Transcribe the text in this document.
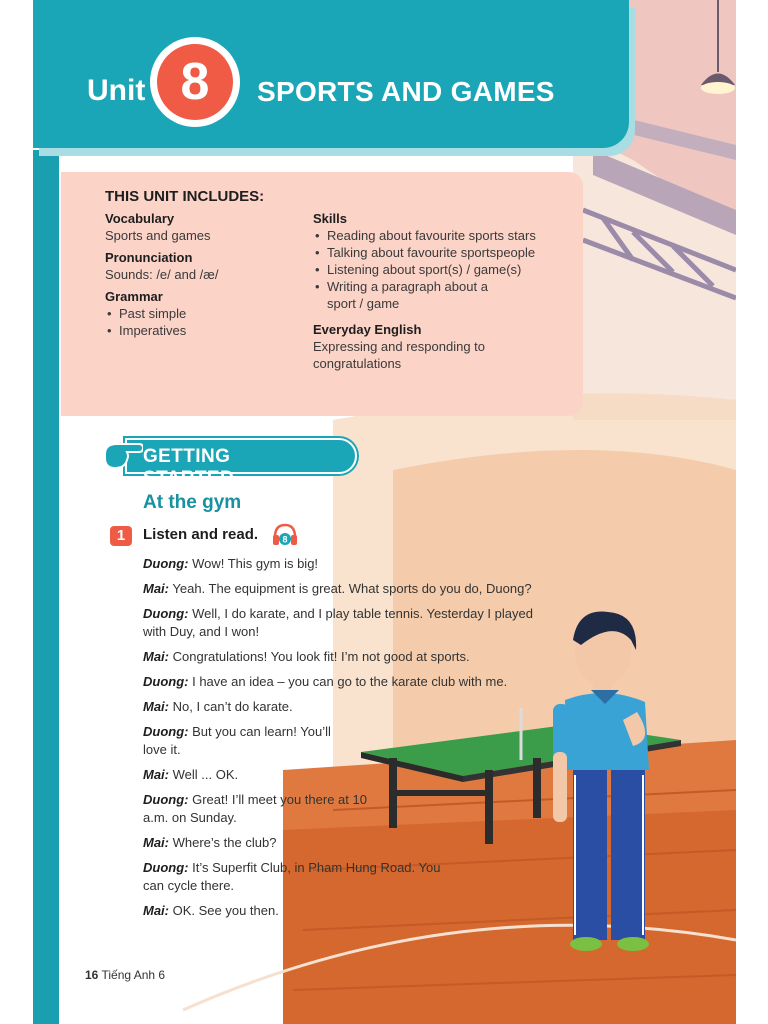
Unit 8	SPORTS AND GAMES
THIS UNIT INCLUDES:
Vocabulary
Sports and games
Pronunciation
Sounds: /e/ and /æ/
Grammar
• Past simple
• Imperatives
Skills
• Reading about favourite sports stars
• Talking about favourite sportspeople
• Listening about sport(s) / game(s)
• Writing a paragraph about a sport / game
Everyday English
Expressing and responding to congratulations
GETTING STARTED
At the gym
1	Listen and read.	8
Duong: Wow! This gym is big!
Mai: Yeah. The equipment is great. What sports do you do, Duong?
Duong: Well, I do karate, and I play table tennis. Yesterday I played with Duy, and I won!
Mai: Congratulations! You look fit! I’m not good at sports.
Duong: I have an idea – you can go to the karate club with me.
Mai: No, I can’t do karate.
Duong: But you can learn! You’ll love it.
Mai: Well ... OK.
Duong: Great! I’ll meet you there at 10 a.m. on Sunday.
Mai: Where’s the club?
Duong: It’s Superfit Club, in Pham Hung Road. You can cycle there.
Mai: OK. See you then.
16 Tiếng Anh 6
